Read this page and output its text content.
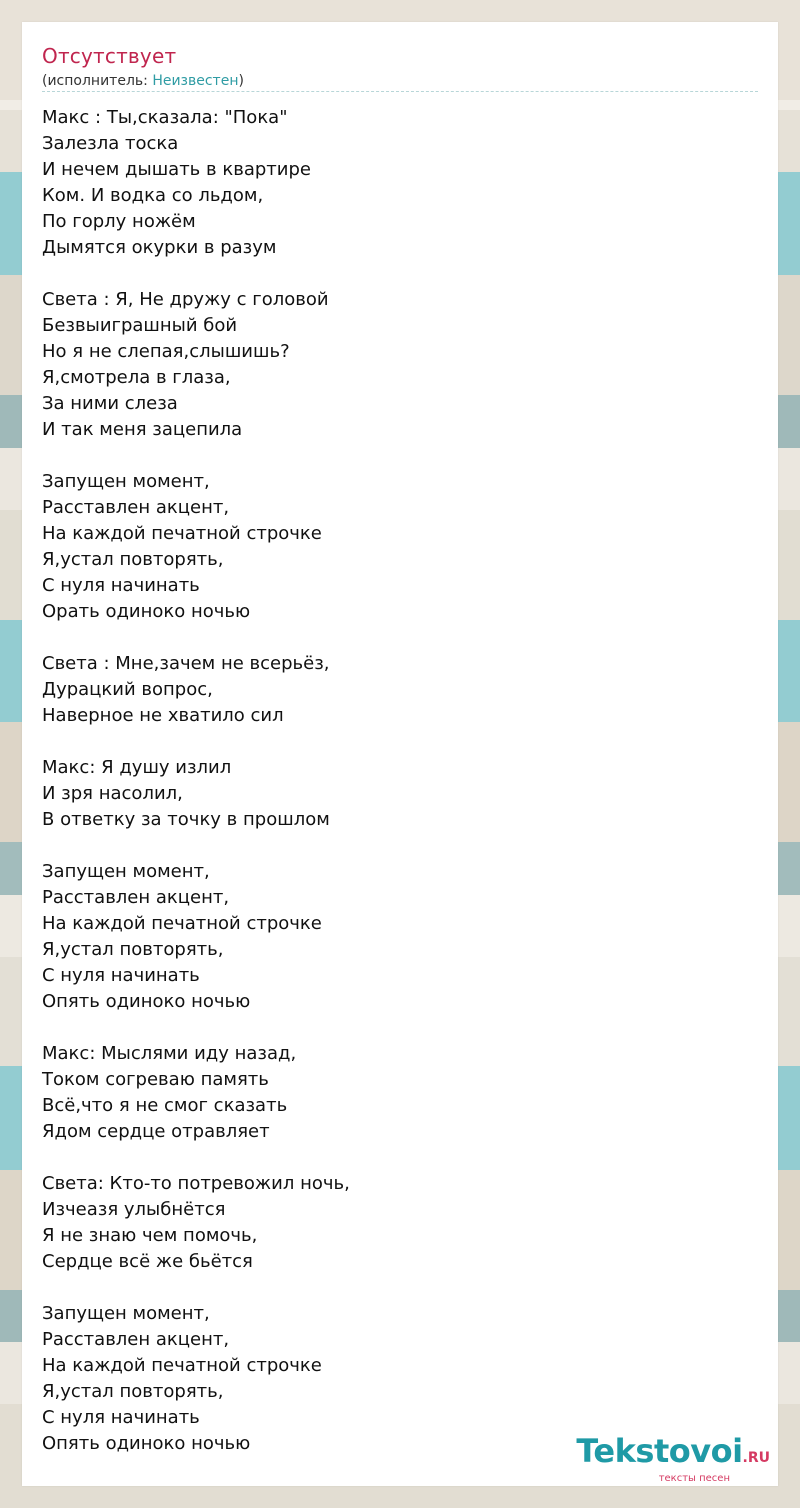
Отсутствует
(исполнитель: Неизвестен)
Макс : Ты,сказала: "Пока"
Залезла тоска
И нечем дышать в квартире
Ком. И водка со льдом,
По горлу ножём
Дымятся окурки в разум
Света : Я, Не дружу с головой
Безвыиграшный бой
Но я не слепая,слышишь?
Я,смотрела в глаза,
За ними слеза
И так меня зацепила
Запущен момент,
Расставлен акцент,
На каждой печатной строчке
Я,устал повторять,
С нуля начинать
Орать одиноко ночью
Света : Мне,зачем не всерьёз,
Дурацкий вопрос,
Наверное не хватило сил
Макс: Я душу излил
И зря насолил,
В ответку за точку в прошлом
Запущен момент,
Расставлен акцент,
На каждой печатной строчке
Я,устал повторять,
С нуля начинать
Опять одиноко ночью
Макс: Мыслями иду назад,
Током согреваю память
Всё,что я не смог сказать
Ядом сердце отравляет
Света: Кто-то потревожил ночь,
Изчеазя улыбнётся
Я не знаю чем помочь,
Сердце всё же бьётся
Запущен момент,
Расставлен акцент,
На каждой печатной строчке
Я,устал повторять,
С нуля начинать
Опять одиноко ночью	Tekstovoi.RU
тексты песен
